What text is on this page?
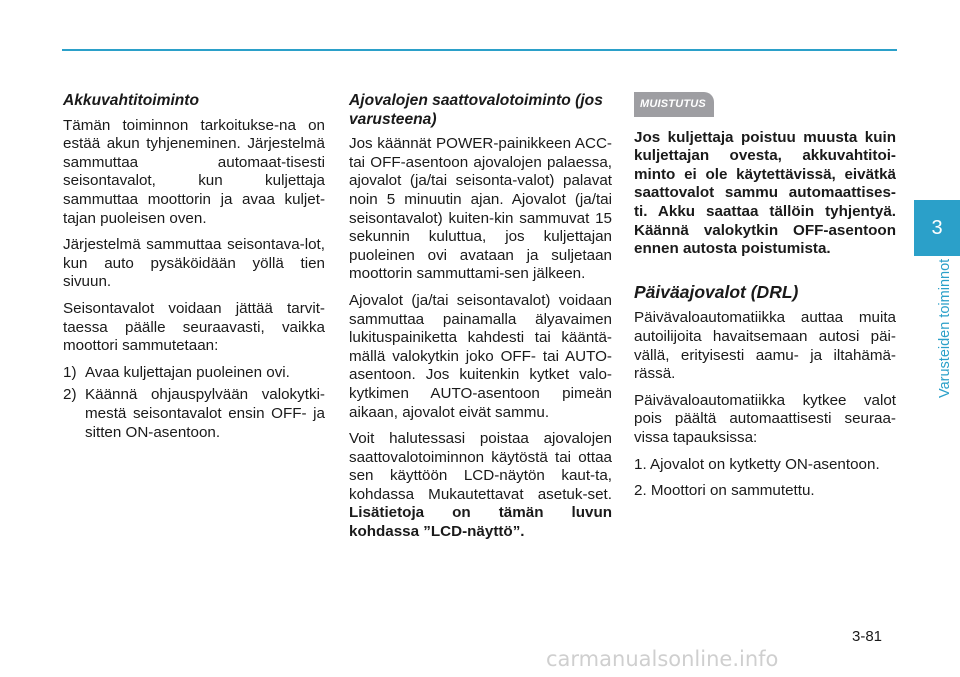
Akkuvahtitoiminto

Tämän toiminnon tarkoitukse-na on estää akun tyhjeneminen. Järjestelmä sammuttaa automaat-tisesti seisontavalot, kun kuljettaja sammuttaa moottorin ja avaa kuljet-tajan puoleisen oven.

Järjestelmä sammuttaa seisontava-lot, kun auto pysäköidään yöllä tien sivuun.

Seisontavalot voidaan jättää tarvit-taessa päälle seuraavasti, vaikka moottori sammutetaan:

1) Avaa kuljettajan puoleinen ovi.
2) Käännä ohjauspylvään valokytki-mestä seisontavalot ensin OFF- ja sitten ON-asentoon.
Ajovalojen saattovalotoiminto (jos varusteena)

Jos käännät POWER-painikkeen ACC- tai OFF-asentoon ajovalojen palaessa, ajovalot (ja/tai seisonta-valot) palavat noin 5 minuutin ajan. Ajovalot (ja/tai seisontavalot) kuiten-kin sammuvat 15 sekunnin kuluttua, jos kuljettajan puoleinen ovi avataan ja suljetaan moottorin sammuttami-sen jälkeen.

Ajovalot (ja/tai seisontavalot) voidaan sammuttaa painamalla älyavaimen lukituspainiketta kahdesti tai kääntä-mällä valokytkin joko OFF- tai AUTO-asentoon. Jos kuitenkin kytket valo-kytkimen AUTO-asentoon pimeän aikaan, ajovalot eivät sammu.

Voit halutessasi poistaa ajovalojen saattovalotoiminnon käytöstä tai ottaa sen käyttöön LCD-näytön kaut-ta, kohdassa Mukautettavat asetuk-set. Lisätietoja on tämän luvun kohdassa ”LCD-näyttö”.

MUISTUTUS

Jos kuljettaja poistuu muusta kuin kuljettajan ovesta, akkuvahtitoi-minto ei ole käytettävissä, eivätkä saattovalot sammu automaattises-ti. Akku saattaa tällöin tyhjentyä. Käännä valokytkin OFF-asentoon ennen autosta poistumista.

Päiväajovalot (DRL)

Päivävaloautomatiikka auttaa muita autoilijoita havaitsemaan autosi päi-vällä, erityisesti aamu- ja iltahämä-rässä.

Päivävaloautomatiikka kytkee valot pois päältä automaattisesti seuraa-vissa tapauksissa:

1. Ajovalot on kytketty ON-asentoon.

2. Moottori on sammutettu.

3
Varusteiden toiminnot
3-81
carmanualsonline.info
